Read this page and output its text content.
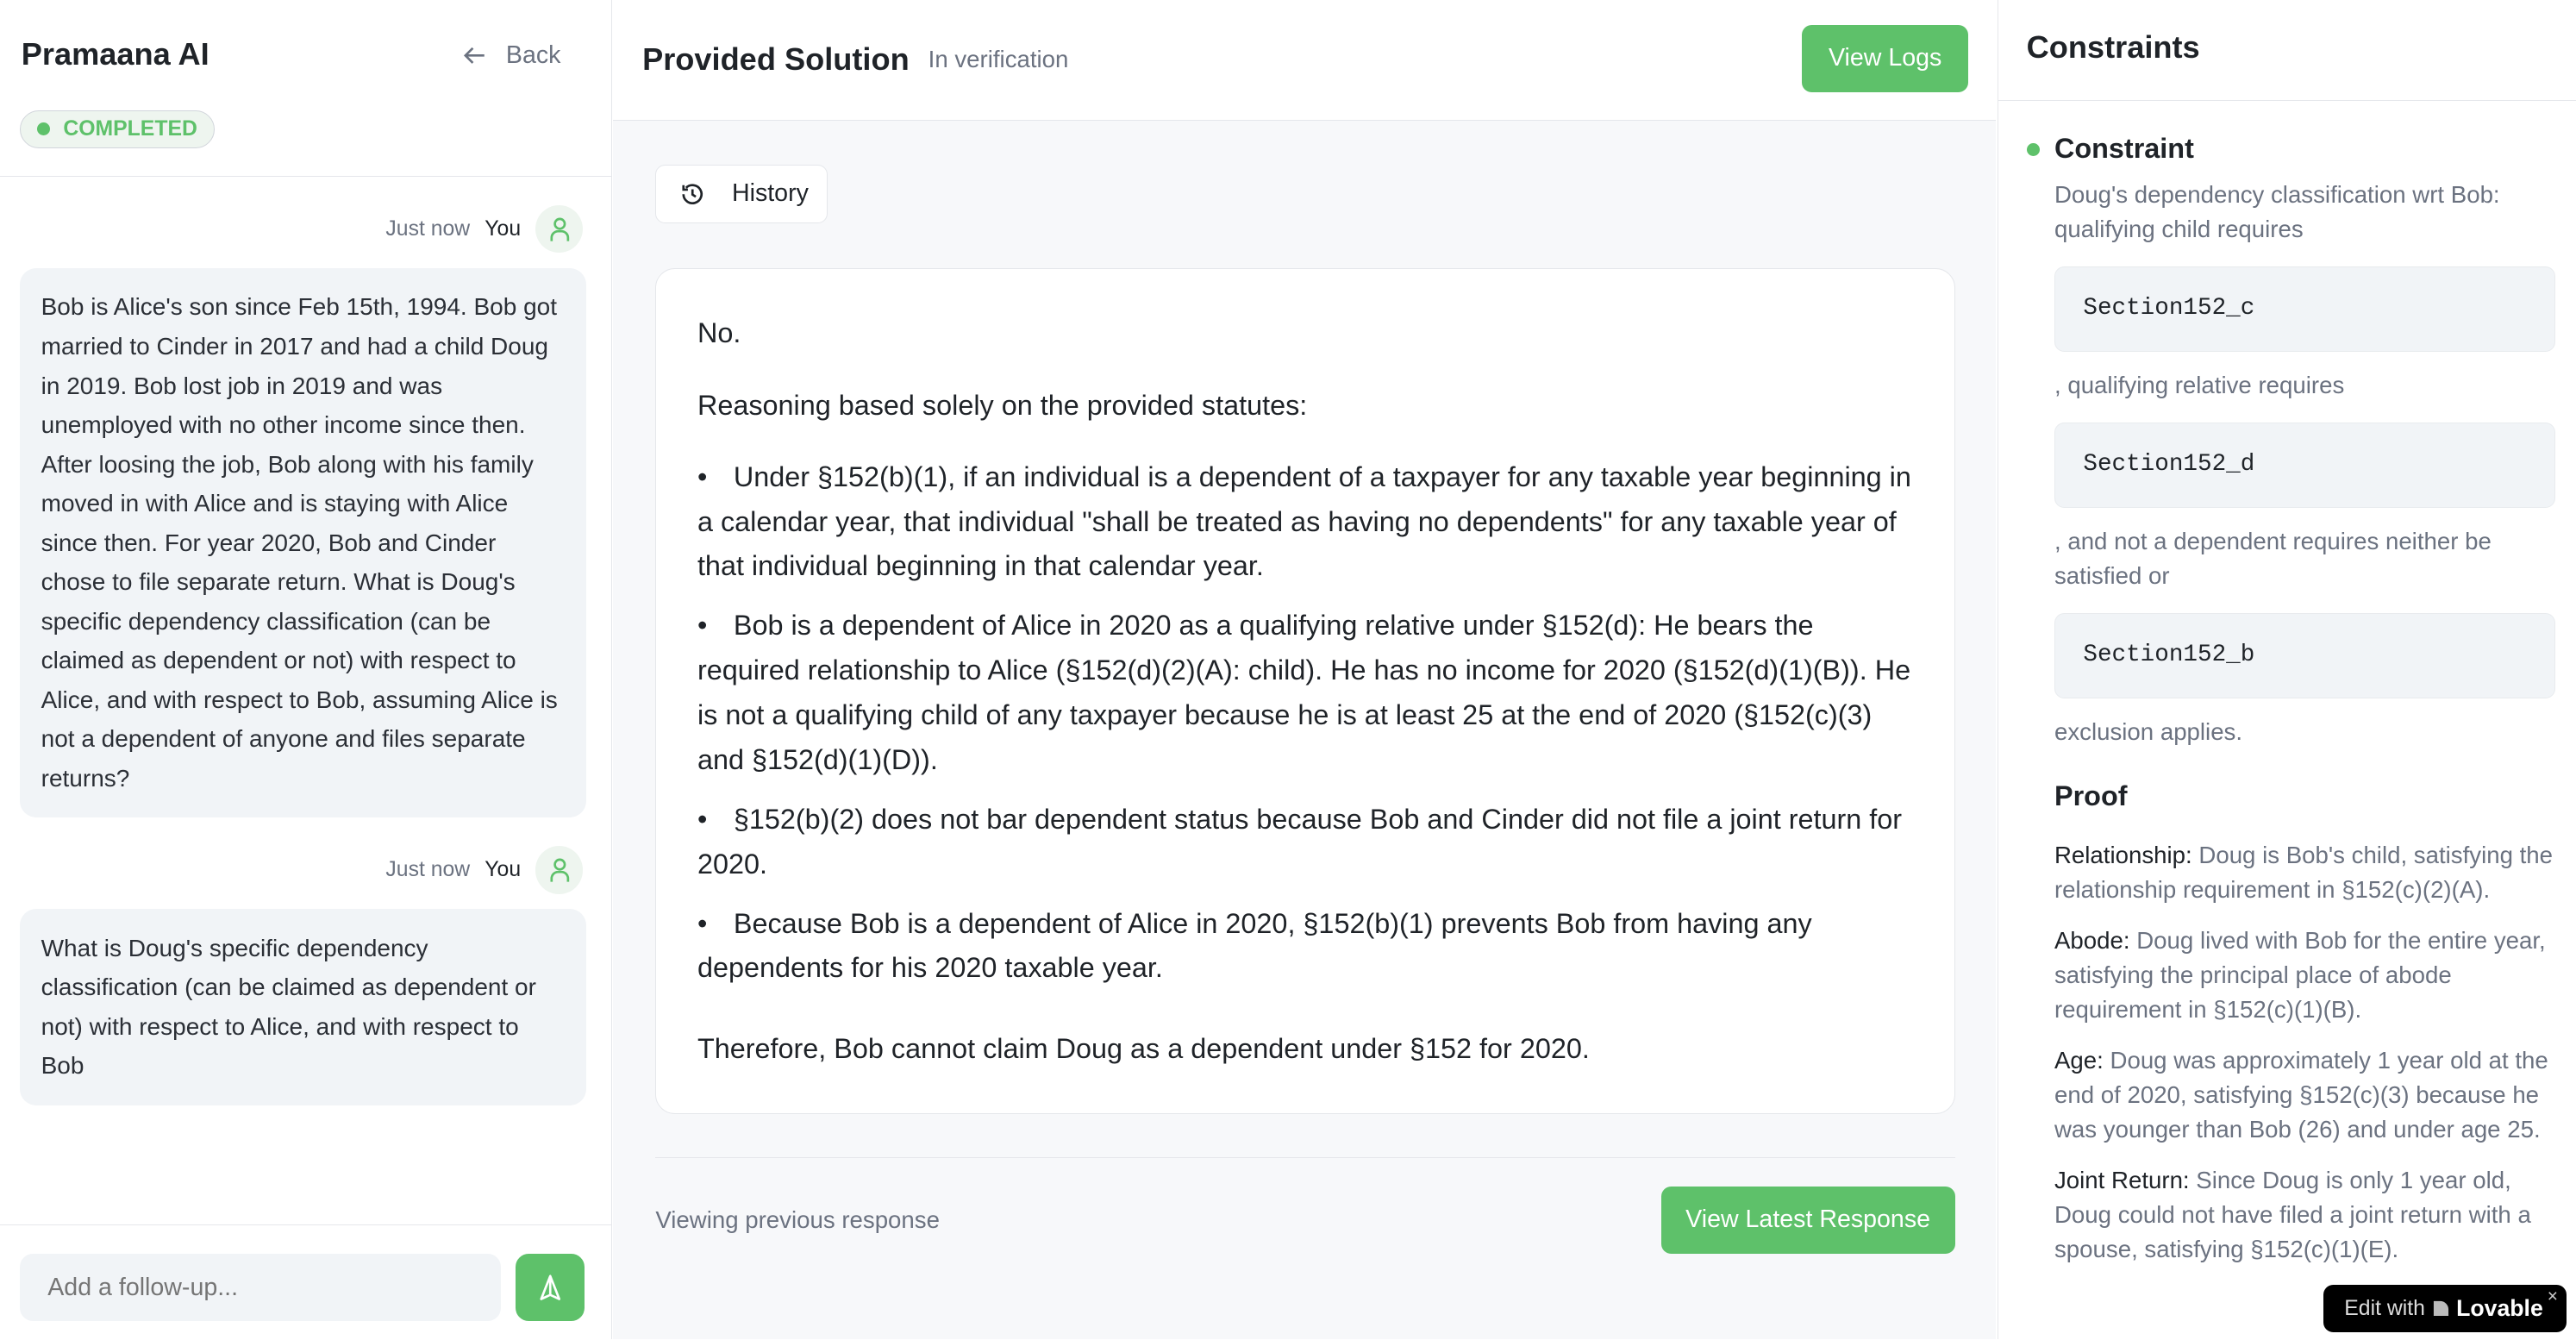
Pramaana AI	Back
COMPLETED
Just now You
Bob is Alice's son since Feb 15th, 1994. Bob got married to Cinder in 2017 and had a child Doug in 2019. Bob lost job in 2019 and was unemployed with no other income since then. After loosing the job, Bob along with his family moved in with Alice and is staying with Alice since then. For year 2020, Bob and Cinder chose to file separate return. What is Doug's specific dependency classification (can be claimed as dependent or not) with respect to Alice, and with respect to Bob, assuming Alice is not a dependent of anyone and files separate returns?
Just now You
What is Doug's specific dependency classification (can be claimed as dependent or not) with respect to Alice, and with respect to Bob
Add a follow-up...
Provided Solution In verification	View Logs
History

No.

Reasoning based solely on the provided statutes:

• Under §152(b)(1), if an individual is a dependent of a taxpayer for any taxable year beginning in a calendar year, that individual "shall be treated as having no dependents" for any taxable year of that individual beginning in that calendar year.
• Bob is a dependent of Alice in 2020 as a qualifying relative under §152(d): He bears the required relationship to Alice (§152(d)(2)(A): child). He has no income for 2020 (§152(d)(1)(B)). He is not a qualifying child of any taxpayer because he is at least 25 at the end of 2020 (§152(c)(3) and §152(d)(1)(D)).
• §152(b)(2) does not bar dependent status because Bob and Cinder did not file a joint return for 2020.
• Because Bob is a dependent of Alice in 2020, §152(b)(1) prevents Bob from having any dependents for his 2020 taxable year.

Therefore, Bob cannot claim Doug as a dependent under §152 for 2020.

Viewing previous response	View Latest Response
Constraints
Constraint
Doug's dependency classification wrt Bob: qualifying child requires
Section152_c
, qualifying relative requires
Section152_d
, and not a dependent requires neither be satisfied or
Section152_b
exclusion applies.
Proof
Relationship: Doug is Bob's child, satisfying the relationship requirement in §152(c)(2)(A).
Abode: Doug lived with Bob for the entire year, satisfying the principal place of abode requirement in §152(c)(1)(B).
Age: Doug was approximately 1 year old at the end of 2020, satisfying §152(c)(3) because he was younger than Bob (26) and under age 25.
Joint Return: Since Doug is only 1 year old, Doug could not have filed a joint return with a spouse, satisfying §152(c)(1)(E).
Edit with	Lovable ×
